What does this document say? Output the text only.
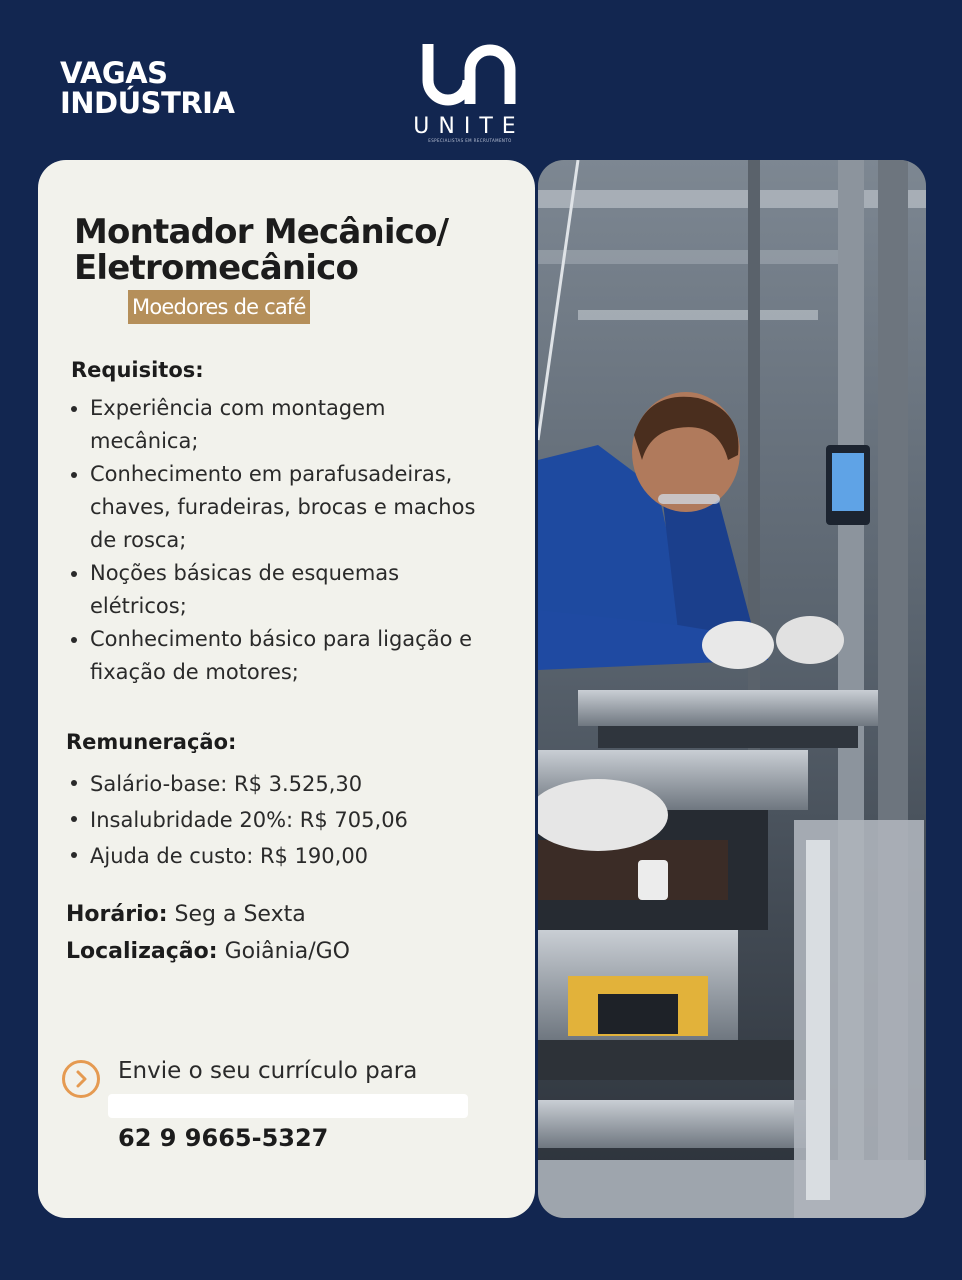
VAGAS
INDÚSTRIA
UNITE
ESPECIALISTAS EM RECRUTAMENTO
Montador Mecânico/
Eletromecânico
Moedores de café
Requisitos:
Experiência com montagem mecânica;
Conhecimento em parafusadeiras, chaves, furadeiras, brocas e machos de rosca;
Noções básicas de esquemas elétricos;
Conhecimento básico para ligação e fixação de motores;
Remuneração:
Salário-base: R$ 3.525,30
Insalubridade 20%: R$ 705,06
Ajuda de custo: R$ 190,00
Horário: Seg a Sexta
Localização: Goiânia/GO
Envie o seu currículo para
62 9 9665-5327
